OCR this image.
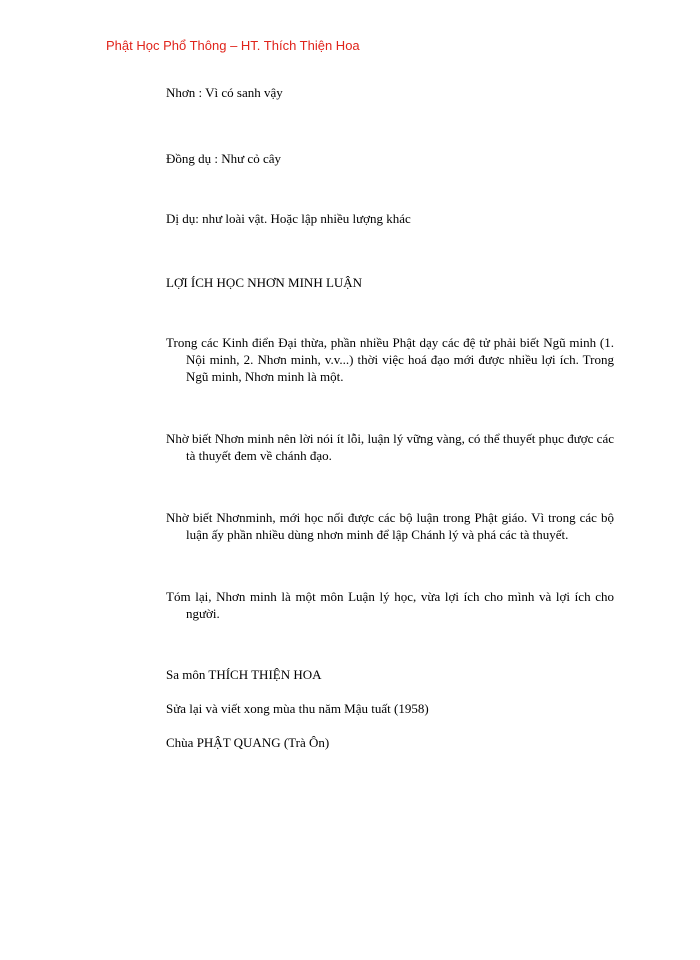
Phật Học Phổ Thông – HT. Thích Thiện Hoa
Nhơn : Vì có sanh vậy
Đồng dụ : Như cỏ cây
Dị dụ: như loài vật. Hoặc lập nhiều lượng khác
LỢI ÍCH HỌC NHƠN MINH LUẬN
Trong các Kinh điển Đại thừa, phần nhiều Phật dạy các đệ tử phải biết Ngũ minh (1. Nội minh, 2. Nhơn minh, v.v...) thời việc hoá đạo mới được nhiều lợi ích. Trong Ngũ minh, Nhơn minh là một.
Nhờ biết Nhơn minh nên lời nói ít lỗi, luận lý vững vàng, có thể thuyết phục được các tà thuyết đem về chánh đạo.
Nhờ biết Nhơnminh, mới học nối được các bộ luận trong Phật giáo. Vì trong các bộ luận ấy phần nhiều dùng nhơn minh để lập Chánh lý và phá các tà thuyết.
Tóm lại, Nhơn minh là một môn Luận lý học, vừa lợi ích cho mình và lợi ích cho người.
Sa môn THÍCH THIỆN HOA
Sửa lại và viết xong mùa thu năm Mậu tuất (1958)
Chùa PHẬT QUANG (Trà Ôn)
